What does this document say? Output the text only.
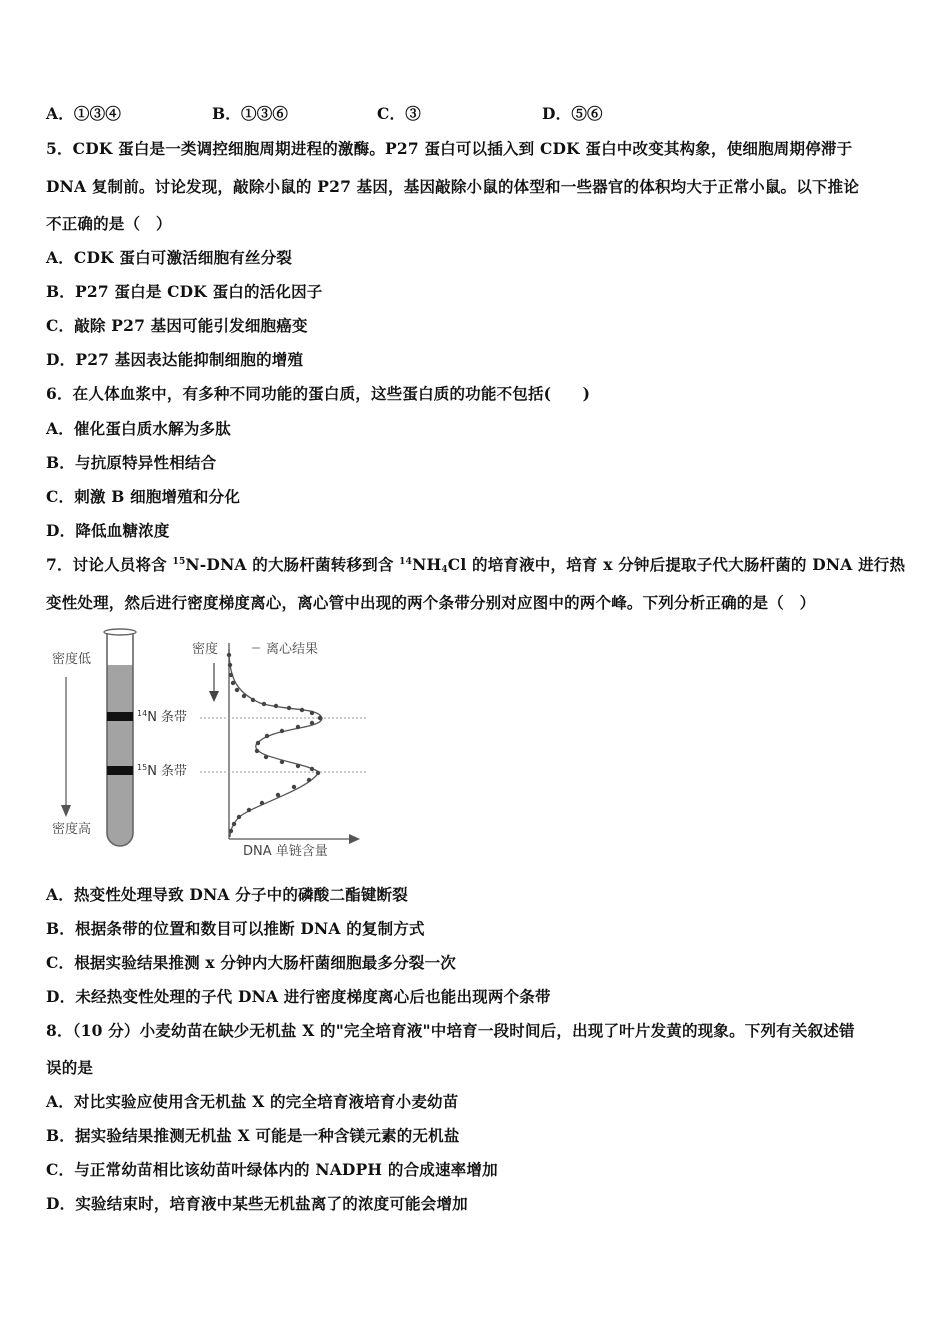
A．①③④	B．①③⑥	C．③	D．⑤⑥
5．CDK 蛋白是一类调控细胞周期进程的激酶。P27 蛋白可以插入到 CDK 蛋白中改变其构象，使细胞周期停滞于
DNA 复制前。讨论发现，敲除小鼠的 P27 基因，基因敲除小鼠的体型和一些器官的体积均大于正常小鼠。以下推论
不正确的是（　）
A．CDK 蛋白可激活细胞有丝分裂
B．P27 蛋白是 CDK 蛋白的活化因子
C．敲除 P27 基因可能引发细胞癌变
D．P27 基因表达能抑制细胞的增殖
6．在人体血浆中，有多种不同功能的蛋白质，这些蛋白质的功能不包括(　　)
A．催化蛋白质水解为多肽
B．与抗原特异性相结合
C．刺激 B 细胞增殖和分化
D．降低血糖浓度
7．讨论人员将含 $^{15}$N-DNA 的大肠杆菌转移到含 $^{14}NH_4Cl$ 的培育液中，培育 x 分钟后提取子代大肠杆菌的 DNA 进行热
变性处理，然后进行密度梯度离心，离心管中出现的两个条带分别对应图中的两个峰。下列分析正确的是（　）
密度低
密度高
$^{14}$N 条带
$^{15}$N 条带
密度	离心结果
DNA 单链含量
A．热变性处理导致 DNA 分子中的磷酸二酯键断裂
B．根据条带的位置和数目可以推断 DNA 的复制方式
C．根据实验结果推测 x 分钟内大肠杆菌细胞最多分裂一次
D．未经热变性处理的子代 DNA 进行密度梯度离心后也能出现两个条带
8．（10 分）小麦幼苗在缺少无机盐 X 的"完全培育液"中培育一段时间后，出现了叶片发黄的现象。下列有关叙述错
误的是
A．对比实验应使用含无机盐 X 的完全培育液培育小麦幼苗
B．据实验结果推测无机盐 X 可能是一种含镁元素的无机盐
C．与正常幼苗相比该幼苗叶绿体内的 NADPH 的合成速率增加
D．实验结束时，培育液中某些无机盐离了的浓度可能会增加
